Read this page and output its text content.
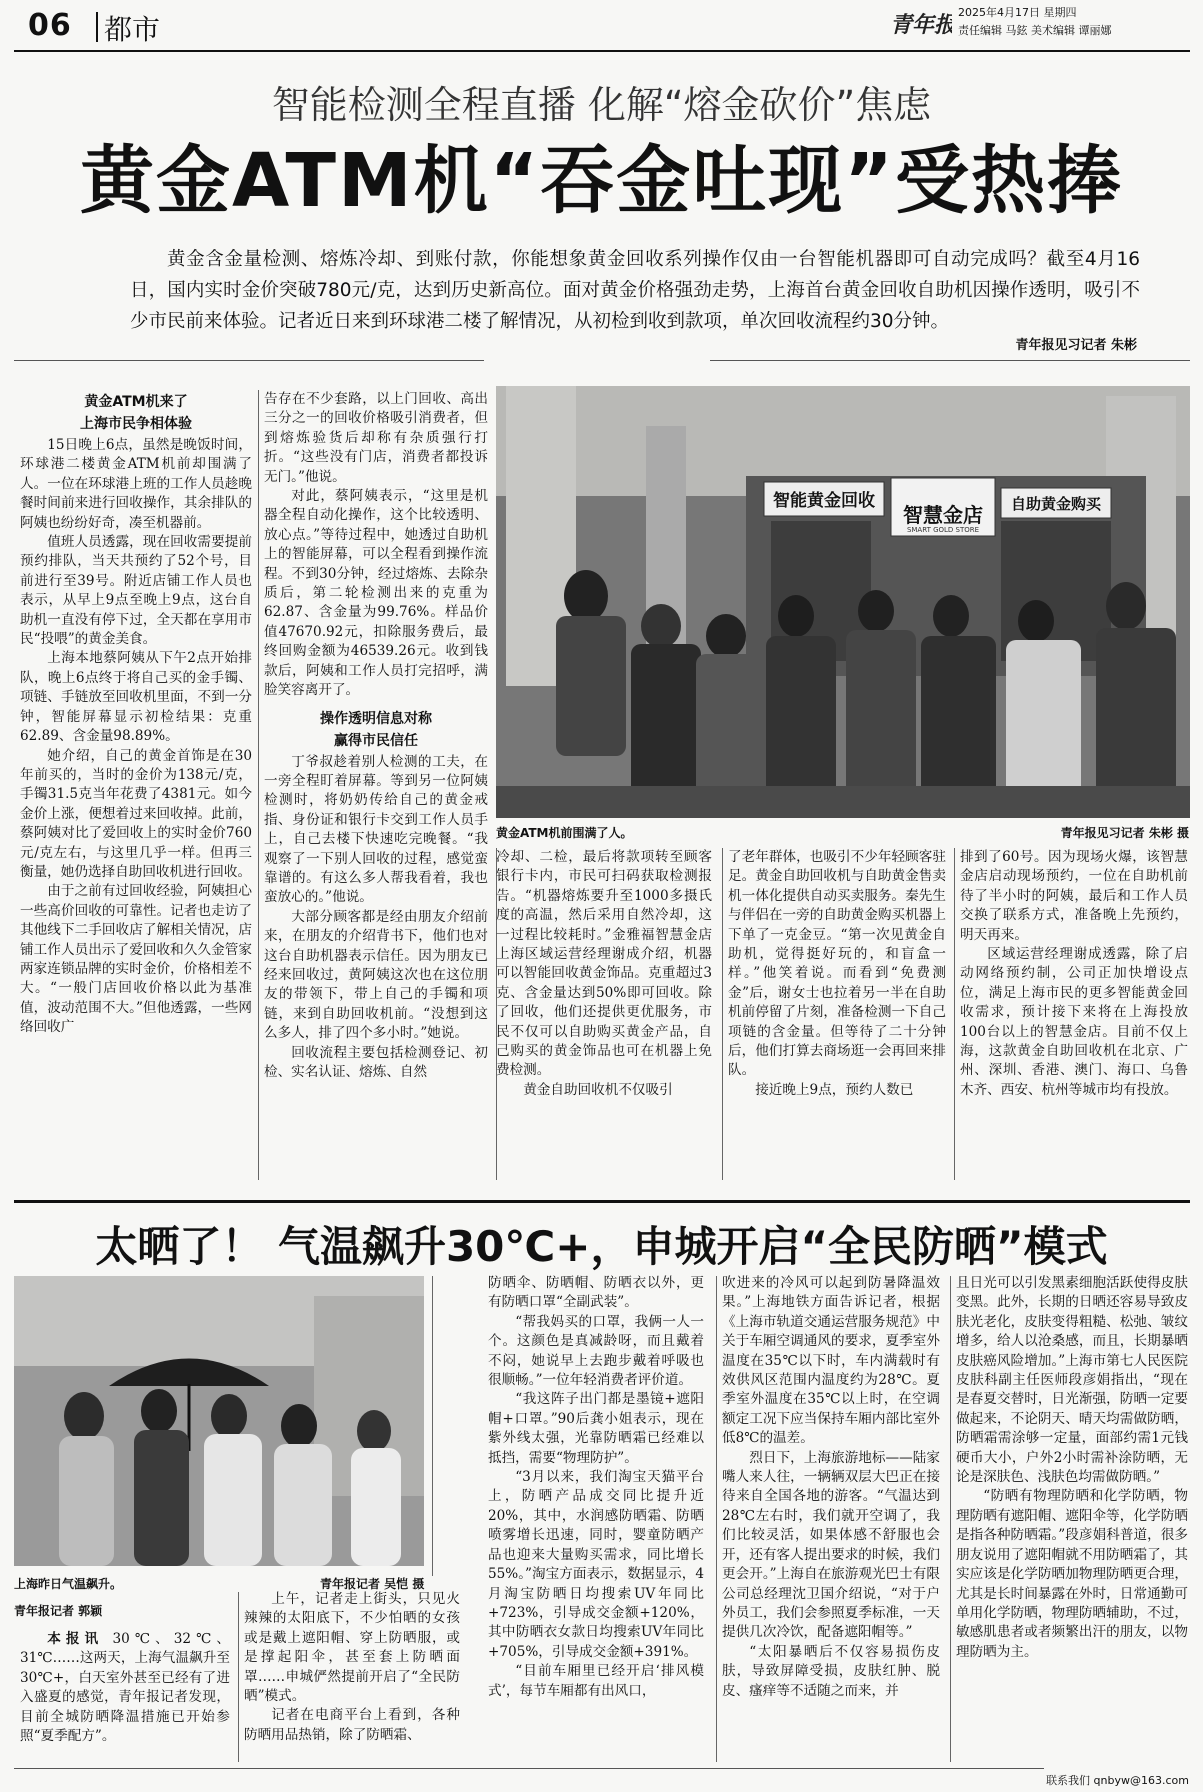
06 都市	青年报 2025年4月17日 星期四
责任编辑 马鉉 美术编辑 谭丽娜
智能检测全程直播 化解“熔金砍价”焦虑
黄金ATM机“吞金吐现”受热捧
黄金含金量检测、熔炼冷却、到账付款，你能想象黄金回收系列操作仅由一台智能机器即可自动完成吗？截至4月16日，国内实时金价突破780元/克，达到历史新高位。面对黄金价格强劲走势，上海首台黄金回收自助机因操作透明，吸引不少市民前来体验。记者近日来到环球港二楼了解情况，从初检到收到款项，单次回收流程约30分钟。
青年报见习记者 朱彬
黄金ATM机来了
上海市民争相体验

15日晚上6点，虽然是晚饭时间，环球港二楼黄金ATM机前却围满了人。一位在环球港上班的工作人员趁晚餐时间前来进行回收操作，其余排队的阿姨也纷纷好奇，凑至机器前。

值班人员透露，现在回收需要提前预约排队，当天共预约了52个号，目前进行至39号。附近店铺工作人员也表示，从早上9点至晚上9点，这台自助机一直没有停下过，全天都在享用市民“投喂”的黄金美食。

上海本地蔡阿姨从下午2点开始排队，晚上6点终于将自己买的金手镯、项链、手链放至回收机里面，不到一分钟，智能屏幕显示初检结果：克重62.89、含金量98.89%。

她介绍，自己的黄金首饰是在30年前买的，当时的金价为138元/克，手镯31.5克当年花费了4381元。如今金价上涨，便想着过来回收掉。此前，蔡阿姨对比了爱回收上的实时金价760元/克左右，与这里几乎一样。但再三衡量，她仍选择自助回收机进行回收。

由于之前有过回收经验，阿姨担心一些高价回收的可靠性。记者也走访了其他线下二手回收店了解相关情况，店铺工作人员出示了爱回收和久久金管家两家连锁品牌的实时金价，价格相差不大。“一般门店回收价格以此为基准值，波动范围不大。”但他透露，一些网络回收广

告存在不少套路，以上门回收、高出三分之一的回收价格吸引消费者，但到熔炼验货后却称有杂质强行打折。“这些没有门店，消费者都投诉无门。”他说。

对此，蔡阿姨表示，“这里是机器全程自动化操作，这个比较透明、放心点。”等待过程中，她透过自助机上的智能屏幕，可以全程看到操作流程。不到30分钟，经过熔炼、去除杂质后，第二轮检测出来的克重为62.87、含金量为99.76%。样品价值47670.92元，扣除服务费后，最终回购金额为46539.26元。收到钱款后，阿姨和工作人员打完招呼，满脸笑容离开了。

操作透明信息对称
赢得市民信任

丁爷叔趁着别人检测的工夫，在一旁全程盯着屏幕。等到另一位阿姨检测时，将奶奶传给自己的黄金戒指、身份证和银行卡交到工作人员手上，自己去楼下快速吃完晚餐。“我观察了一下别人回收的过程，感觉蛮靠谱的。有这么多人帮我看着，我也蛮放心的。”他说。

大部分顾客都是经由朋友介绍前来，在朋友的介绍背书下，他们也对这台自助机器表示信任。因为朋友已经来回收过，黄阿姨这次也在这位朋友的带领下，带上自己的手镯和项链，来到自助回收机前。“没想到这么多人，排了四个多小时。”她说。

回收流程主要包括检测登记、初检、实名认证、熔炼、自然

智能黄金回收
智慧金店
SMART GOLD STORE
自助黄金购买
黄金ATM机前围满了人。	青年报见习记者 朱彬 摄

冷却、二检，最后将款项转至顾客银行卡内，市民可扫码获取检测报告。“机器熔炼要升至1000多摄氏度的高温，然后采用自然冷却，这一过程比较耗时。”金雅福智慧金店上海区域运营经理谢成介绍，机器可以智能回收黄金饰品。克重超过3克、含金量达到50%即可回收。除了回收，他们还提供更优服务，市民不仅可以自助购买黄金产品，自己购买的黄金饰品也可在机器上免费检测。

黄金自助回收机不仅吸引

了老年群体，也吸引不少年轻顾客驻足。黄金自助回收机与自助黄金售卖机一体化提供自动买卖服务。秦先生与伴侣在一旁的自助黄金购买机器上下单了一克金豆。“第一次见黄金自助机，觉得挺好玩的，和盲盒一样。”他笑着说。而看到“免费测金”后，谢女士也拉着另一半在自助机前停留了片刻，准备检测一下自己项链的含金量。但等待了二十分钟后，他们打算去商场逛一会再回来排队。

接近晚上9点，预约人数已

排到了60号。因为现场火爆，该智慧金店启动现场预约，一位在自助机前待了半小时的阿姨，最后和工作人员交换了联系方式，准备晚上先预约，明天再来。

区域运营经理谢成透露，除了启动网络预约制，公司正加快增设点位，满足上海市民的更多智能黄金回收需求，预计接下来将在上海投放100台以上的智慧金店。目前不仅上海，这款黄金自助回收机在北京、广州、深圳、香港、澳门、海口、乌鲁木齐、西安、杭州等城市均有投放。

太晒了！ 气温飙升30℃+，申城开启“全民防晒”模式
上海昨日气温飙升。	青年报记者 吴恺 摄
青年报记者 郭颖

本报讯 30℃、32℃、31℃……这两天，上海气温飙升至30℃+，白天室外甚至已经有了进入盛夏的感觉，青年报记者发现，目前全城防晒降温措施已开始参照“夏季配方”。

上午，记者走上街头，只见火辣辣的太阳底下，不少怕晒的女孩或是戴上遮阳帽、穿上防晒服，或是撑起阳伞，甚至套上防晒面罩……申城俨然提前开启了“全民防晒”模式。

记者在电商平台上看到，各种防晒用品热销，除了防晒霜、

防晒伞、防晒帽、防晒衣以外，更有防晒口罩“全副武装”。

“帮我妈买的口罩，我俩一人一个。这颜色是真减龄呀，而且戴着不闷，她说早上去跑步戴着呼吸也很顺畅。”一位年轻消费者评价道。

“我这阵子出门都是墨镜+遮阳帽+口罩。”90后龚小姐表示，现在紫外线太强，光靠防晒霜已经难以抵挡，需要“物理防护”。

“3月以来，我们淘宝天猫平台上，防晒产品成交同比提升近20%，其中，水润感防晒霜、防晒喷雾增长迅速，同时，婴童防晒产品也迎来大量购买需求，同比增长55%。”淘宝方面表示，数据显示，4月淘宝防晒日均搜索UV年同比+723%，引导成交金额+120%，其中防晒衣女款日均搜索UV年同比+705%，引导成交金额+391%。

“目前车厢里已经开启‘排风模式’，每节车厢都有出风口，

吹进来的冷风可以起到防暑降温效果。”上海地铁方面告诉记者，根据《上海市轨道交通运营服务规范》中关于车厢空调通风的要求，夏季室外温度在35℃以下时，车内满载时有效供风区范围内温度约为28℃。夏季室外温度在35℃以上时，在空调额定工况下应当保持车厢内部比室外低8℃的温差。

烈日下，上海旅游地标——陆家嘴人来人往，一辆辆双层大巴正在接待来自全国各地的游客。“气温达到28℃左右时，我们就开空调了，我们比较灵活，如果体感不舒服也会开，还有客人提出要求的时候，我们更会开。”上海自在旅游观光巴士有限公司总经理沈卫国介绍说，“对于户外员工，我们会参照夏季标准，一天提供几次冷饮，配备遮阳帽等。”

“太阳暴晒后不仅容易损伤皮肤，导致屏障受损，皮肤红肿、脱皮、瘙痒等不适随之而来，并

且日光可以引发黑素细胞活跃使得皮肤变黑。此外，长期的日晒还容易导致皮肤光老化，皮肤变得粗糙、松弛、皱纹增多，给人以沧桑感，而且，长期暴晒皮肤癌风险增加。”上海市第七人民医院皮肤科副主任医师段彦娟指出，“现在是春夏交替时，日光渐强，防晒一定要做起来，不论阴天、晴天均需做防晒，防晒霜需涂够一定量，面部约需1元钱硬币大小，户外2小时需补涂防晒，无论是深肤色、浅肤色均需做防晒。”

“防晒有物理防晒和化学防晒，物理防晒有遮阳帽、遮阳伞等，化学防晒是指各种防晒霜。”段彦娟科普道，很多朋友说用了遮阳帽就不用防晒霜了，其实应该是化学防晒加物理防晒更合理，尤其是长时间暴露在外时，日常通勤可单用化学防晒，物理防晒辅助，不过，敏感肌患者或者频繁出汗的朋友，以物理防晒为主。

联系我们 qnbyw@163.com
